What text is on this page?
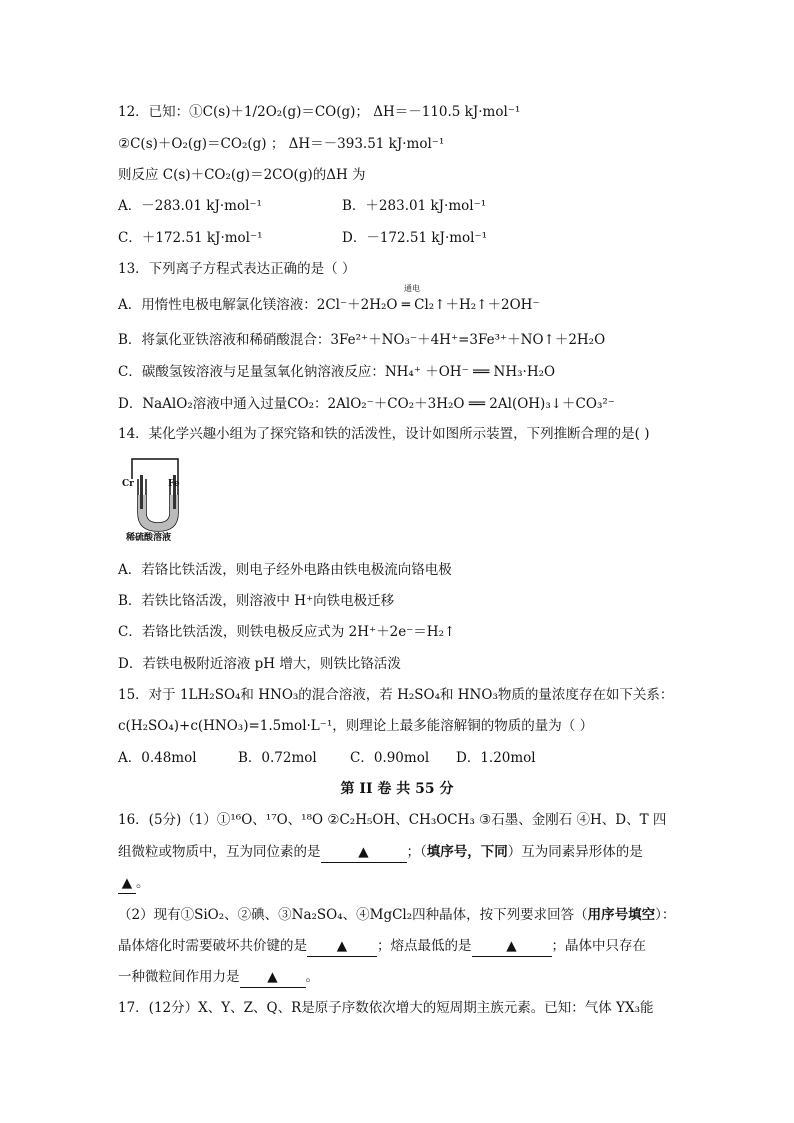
12．已知：①C(s)＋1/2O₂(g)＝CO(g)； ΔH＝－110.5 kJ·mol⁻¹
②C(s)＋O₂(g)＝CO₂(g) ； ΔH＝－393.51 kJ·mol⁻¹
则反应 C(s)＋CO₂(g)＝2CO(g)的ΔH 为
A．－283.01 kJ·mol⁻¹	B．＋283.01 kJ·mol⁻¹
C．＋172.51 kJ·mol⁻¹	D．－172.51 kJ·mol⁻¹
13．下列离子方程式表达正确的是（ ）
通电
A．用惰性电极电解氯化镁溶液：2Cl⁻＋2H₂O ═ Cl₂↑＋H₂↑＋2OH⁻
B．将氯化亚铁溶液和稀硝酸混合：3Fe²⁺＋NO₃⁻＋4H⁺=3Fe³⁺＋NO↑＋2H₂O
C．碳酸氢铵溶液与足量氢氧化钠溶液反应：NH₄⁺ ＋OH⁻ ══ NH₃·H₂O
D．NaAlO₂溶液中通入过量CO₂：2AlO₂⁻＋CO₂＋3H₂O ══ 2Al(OH)₃↓＋CO₃²⁻
14．某化学兴趣小组为了探究铬和铁的活泼性，设计如图所示装置，下列推断合理的是( )
Cr	Fe
稀硫酸溶液
A．若铬比铁活泼，则电子经外电路由铁电极流向铬电极
B．若铁比铬活泼，则溶液中 H⁺向铁电极迁移
C．若铬比铁活泼，则铁电极反应式为 2H⁺＋2e⁻＝H₂↑
D．若铁电极附近溶液 pH 增大，则铁比铬活泼
15．对于 1LH₂SO₄和 HNO₃的混合溶液，若 H₂SO₄和 HNO₃物质的量浓度存在如下关系：
c(H₂SO₄)+c(HNO₃)=1.5mol·L⁻¹，则理论上最多能溶解铜的物质的量为（ ）
A．0.48mol	B．0.72mol C．0.90mol D．1.20mol
第 II 卷 共 55 分
16．(5分)（1）①¹⁶O、¹⁷O、¹⁸O ②C₂H₅OH、CH₃OCH₃ ③石墨、金刚石 ④H、D、T 四
组微粒或物质中，互为同位素的是	▲	；（填序号，下同）互为同素异形体的是
▲ 。
（2）现有①SiO₂、②碘、③Na₂SO₄、④MgCl₂四种晶体，按下列要求回答（用序号填空）：
晶体熔化时需要破坏共价键的是 ▲ ；熔点最低的是	▲	；晶体中只存在
一种微粒间作用力是 ▲ 。
17．(12分）X、Y、Z、Q、R是原子序数依次增大的短周期主族元素。已知：气体 YX₃能
